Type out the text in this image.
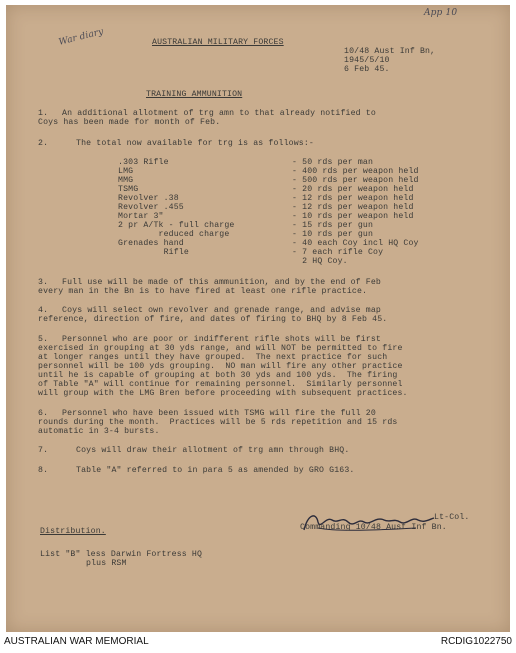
App 10
War diary	AUSTRALIAN MILITARY FORCES
10/48 Aust Inf Bn,
1945/5/10
6 Feb 45.
TRAINING AMMUNITION
1. An additional allotment of trg amn to that already notified to
Coys has been made for month of Feb.
2.	The total now available for trg is as follows:-
.303 Rifle	- 50 rds per man
LMG	- 400 rds per weapon held
MMG	- 500 rds per weapon held
TSMG	- 20 rds per weapon held
Revolver .38	- 12 rds per weapon held
Revolver .455	- 12 rds per weapon held
Mortar 3"	- 10 rds per weapon held
2 pr A/Tk - full charge	- 15 rds per gun
reduced charge	- 10 rds per gun
Grenades hand	- 40 each Coy incl HQ Coy
Rifle	- 7 each rifle Coy
2 HQ Coy.
3. Full use will be made of this ammunition, and by the end of Feb
every man in the Bn is to have fired at least one rifle practice.
4. Coys will select own revolver and grenade range, and advise map
reference, direction of fire, and dates of firing to BHQ by 8 Feb 45.
5. Personnel who are poor or indifferent rifle shots will be first
exercised in grouping at 30 yds range, and will NOT be permitted to fire
at longer ranges until they have grouped.  The next practice for such
personnel will be 100 yds grouping.  NO man will fire any other practice
until he is capable of grouping at both 30 yds and 100 yds.  The firing
of Table "A" will continue for remaining personnel.  Similarly personnel
will group with the LMG Bren before proceeding with subsequent practices.
6. Personnel who have been issued with TSMG will fire the full 20
rounds during the month.  Practices will be 5 rds repetition and 15 rds
automatic in 3-4 bursts.
7.	Coys will draw their allotment of trg amn through BHQ.
8.	Table "A" referred to in para 5 as amended by GRO G163.
Lt-Col.
Commanding 10/48 Aust Inf Bn.
Distribution.
List "B" less Darwin Fortress HQ
plus RSM
AUSTRALIAN WAR MEMORIAL	RCDIG1022750
